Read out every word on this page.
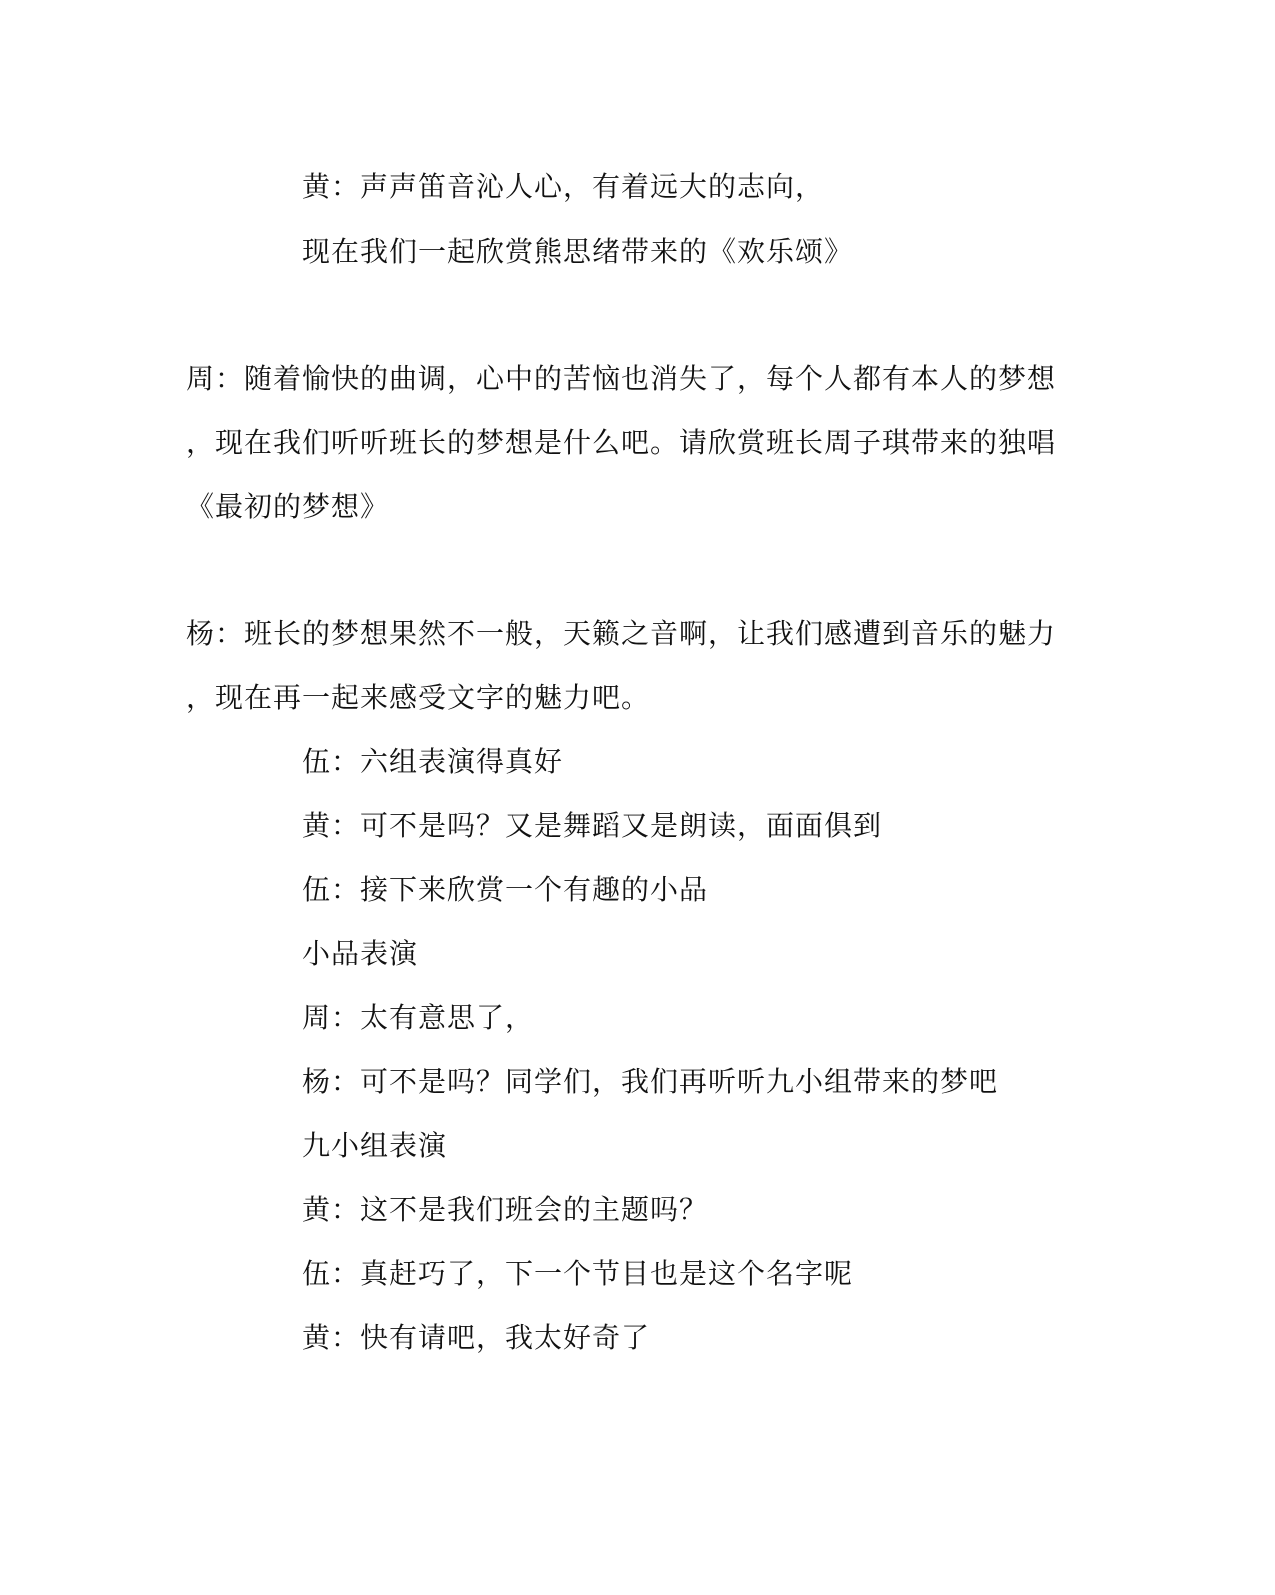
黄：声声笛音沁人心，有着远大的志向，
现在我们一起欣赏熊思绪带来的《欢乐颂》
周：随着愉快的曲调，心中的苦恼也消失了，每个人都有本人的梦想
，现在我们听听班长的梦想是什么吧。请欣赏班长周子琪带来的独唱
《最初的梦想》
杨：班长的梦想果然不一般，天籁之音啊，让我们感遭到音乐的魅力
，现在再一起来感受文字的魅力吧。
伍：六组表演得真好
黄：可不是吗？又是舞蹈又是朗读，面面俱到
伍：接下来欣赏一个有趣的小品
小品表演
周：太有意思了，
杨：可不是吗？同学们，我们再听听九小组带来的梦吧
九小组表演
黄：这不是我们班会的主题吗？
伍：真赶巧了，下一个节目也是这个名字呢
黄：快有请吧，我太好奇了
